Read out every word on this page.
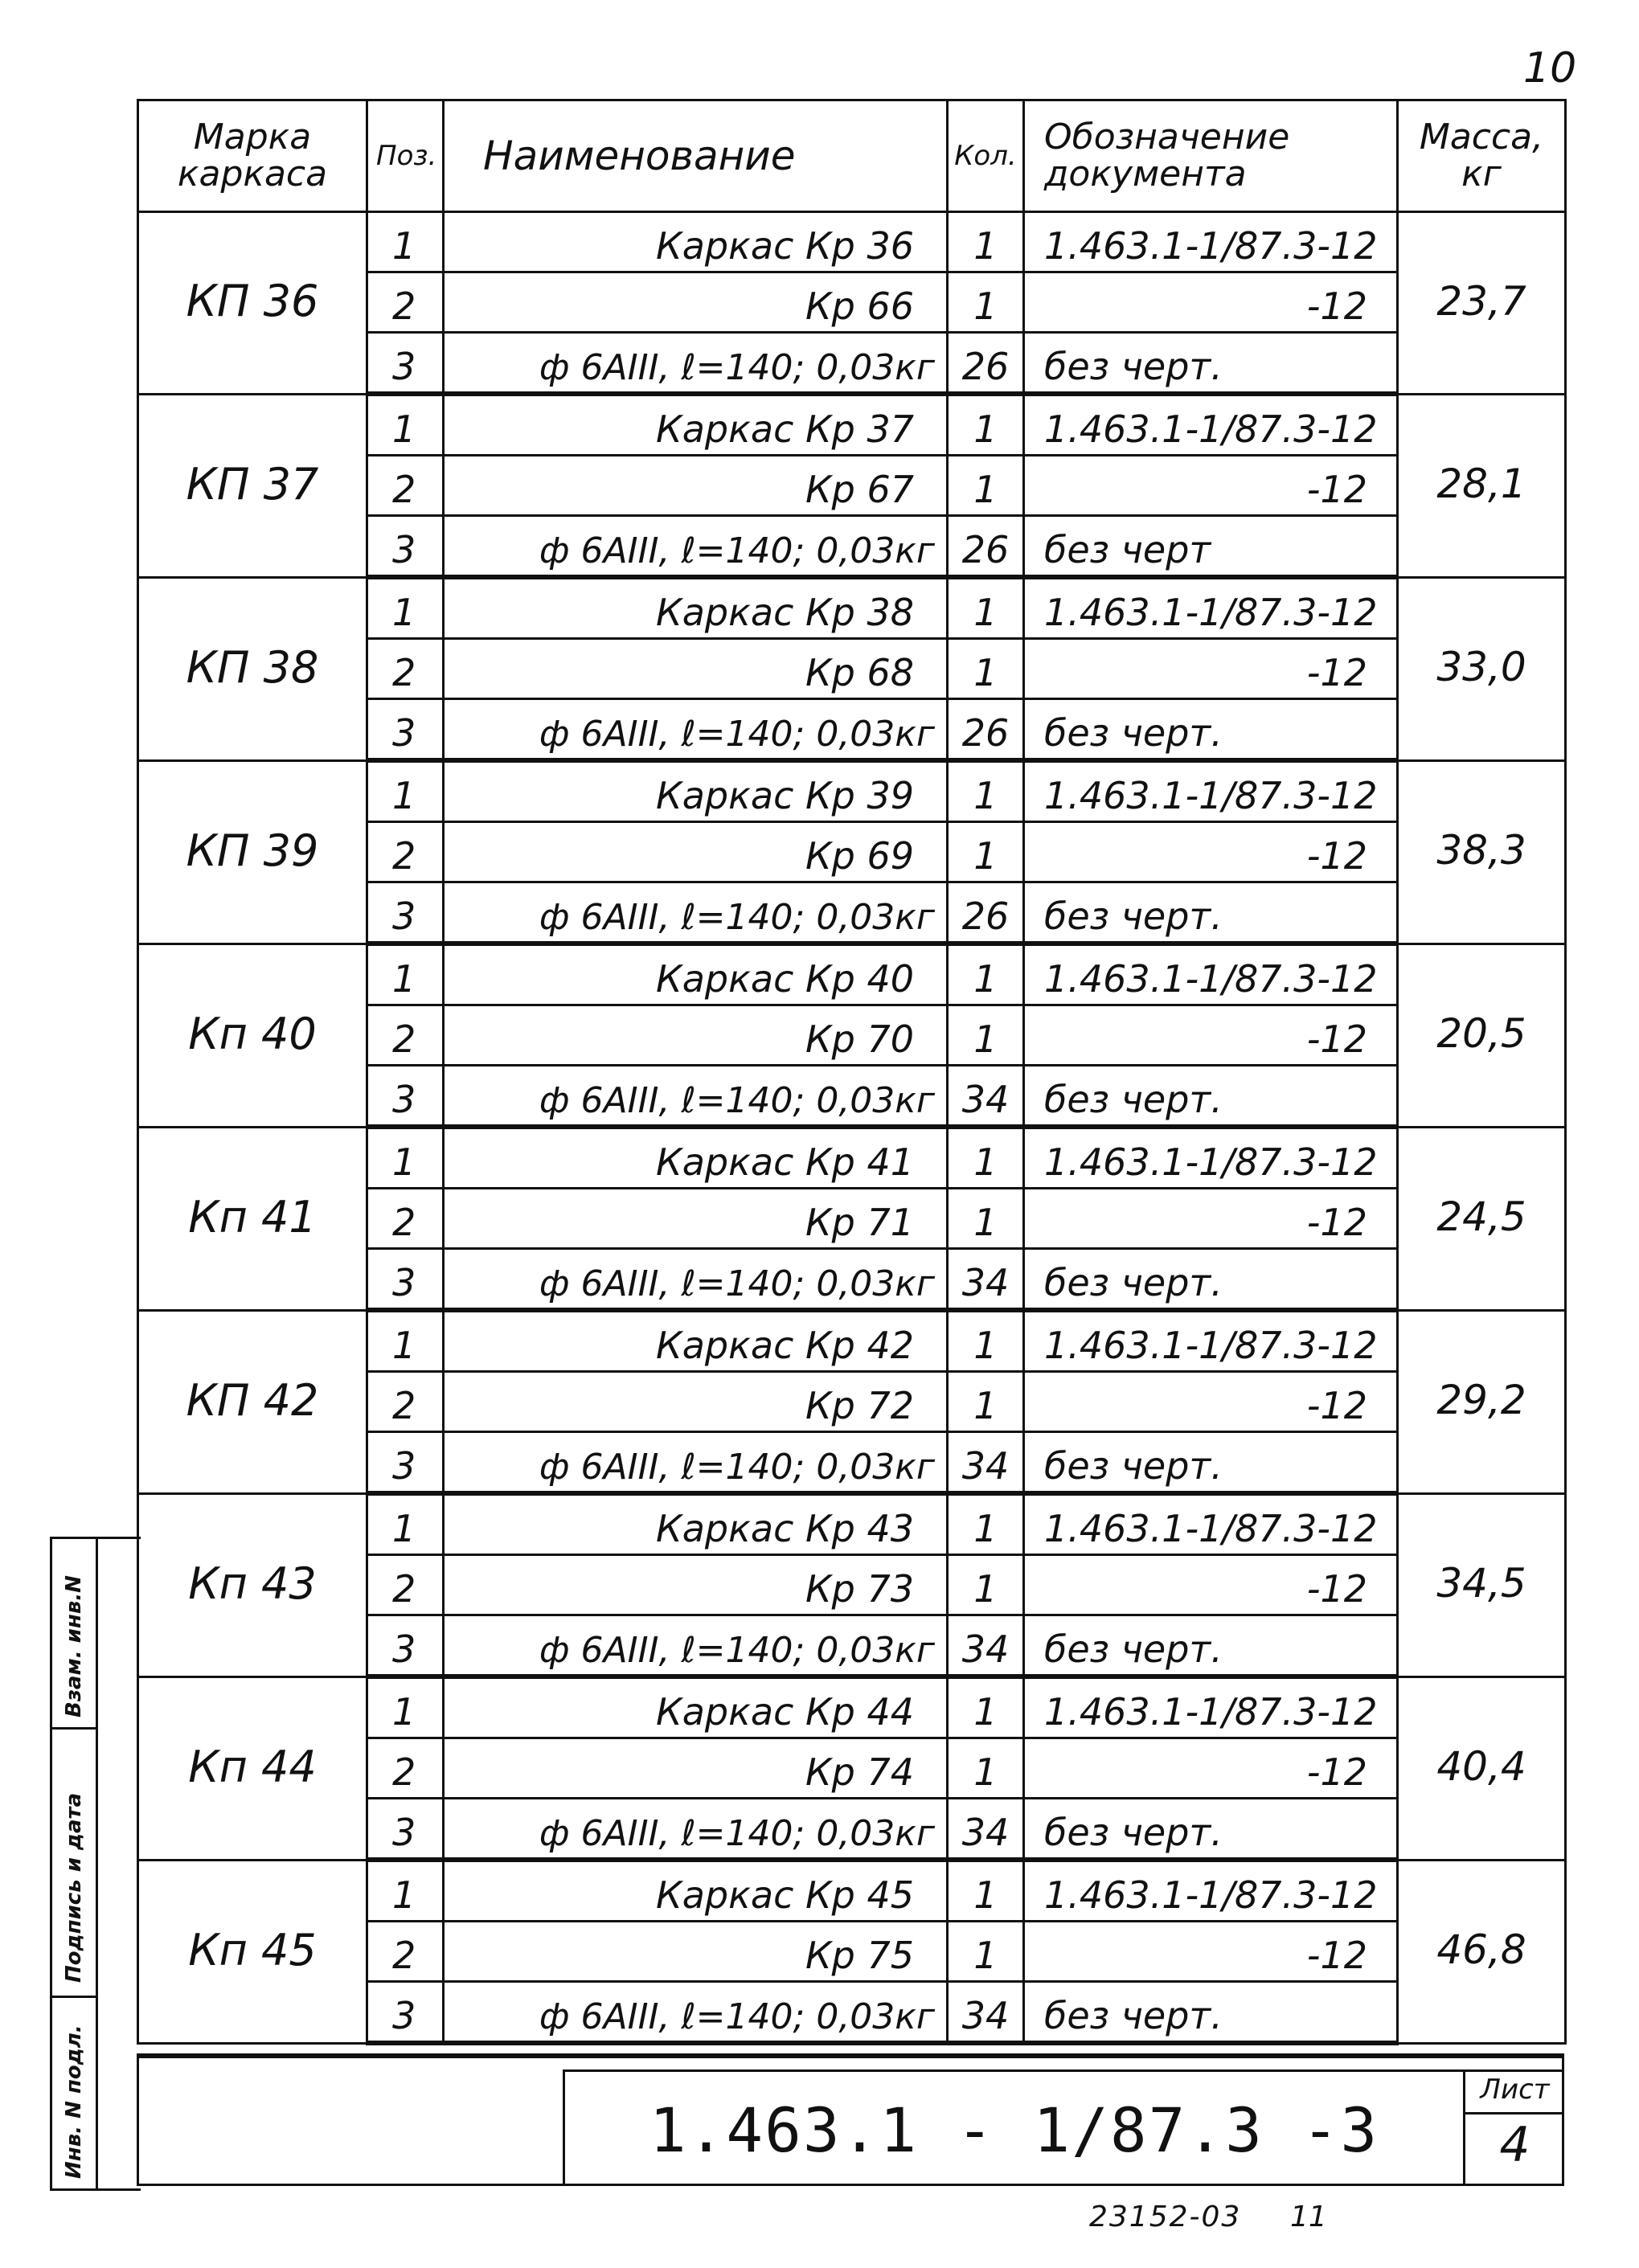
10
Марка каркаса	Поз.	Наименование	Кол.	Обозначение документа	Масса, кг
КП 36	1	Каркас Кр 36	1	1.463.1-1/87.3-12	23,7
	2	Кр 66	1	-12	
	3	ф 6АIII, ℓ=140; 0,03кг	26	без черт.	
КП 37	1	Каркас Кр 37	1	1.463.1-1/87.3-12	28,1
	2	Кр 67	1	-12	
	3	ф 6АIII, ℓ=140; 0,03кг	26	без черт	
КП 38	1	Каркас Кр 38	1	1.463.1-1/87.3-12	33,0
	2	Кр 68	1	-12	
	3	ф 6АIII, ℓ=140; 0,03кг	26	без черт.	
КП 39	1	Каркас Кр 39	1	1.463.1-1/87.3-12	38,3
	2	Кр 69	1	-12	
	3	ф 6АIII, ℓ=140; 0,03кг	26	без черт.	
Кп 40	1	Каркас Кр 40	1	1.463.1-1/87.3-12	20,5
	2	Кр 70	1	-12	
	3	ф 6АIII, ℓ=140; 0,03кг	34	без черт.	
Кп 41	1	Каркас Кр 41	1	1.463.1-1/87.3-12	24,5
	2	Кр 71	1	-12	
	3	ф 6АIII, ℓ=140; 0,03кг	34	без черт.	
КП 42	1	Каркас Кр 42	1	1.463.1-1/87.3-12	29,2
	2	Кр 72	1	-12	
	3	ф 6АIII, ℓ=140; 0,03кг	34	без черт.	
Кп 43	1	Каркас Кр 43	1	1.463.1-1/87.3-12	34,5
	2	Кр 73	1	-12	
	3	ф 6АIII, ℓ=140; 0,03кг	34	без черт.	
Кп 44	1	Каркас Кр 44	1	1.463.1-1/87.3-12	40,4
	2	Кр 74	1	-12	
	3	ф 6АIII, ℓ=140; 0,03кг	34	без черт.	
Кп 45	1	Каркас Кр 45	1	1.463.1-1/87.3-12	46,8
	2	Кр 75	1	-12	
	3	ф 6АIII, ℓ=140; 0,03кг	34	без черт.	
Взам. инв.N
Подпись и дата
Инв. N подл.	1.463.1 - 1/87.3 -3
Лист
4
23152-03 11
